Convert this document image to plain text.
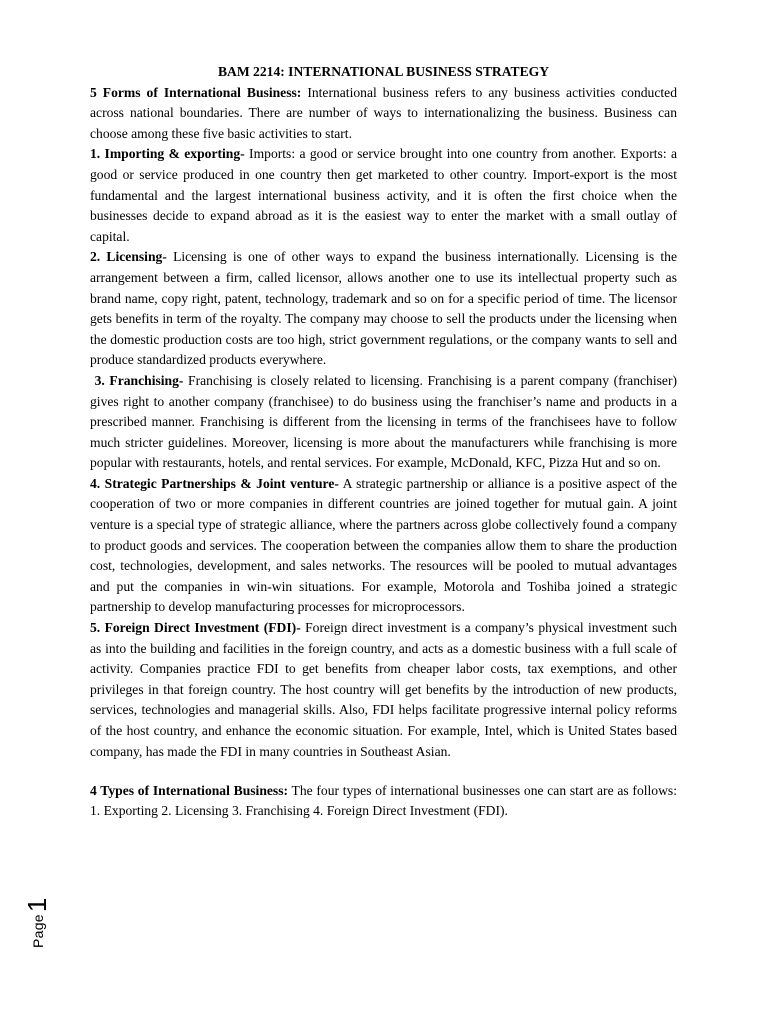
BAM 2214: INTERNATIONAL BUSINESS STRATEGY

5 Forms of International Business: International business refers to any business activities conducted across national boundaries. There are number of ways to internationalizing the business. Business can choose among these five basic activities to start.

1. Importing & exporting- Imports: a good or service brought into one country from another. Exports: a good or service produced in one country then get marketed to other country. Import-export is the most fundamental and the largest international business activity, and it is often the first choice when the businesses decide to expand abroad as it is the easiest way to enter the market with a small outlay of capital.

2. Licensing- Licensing is one of other ways to expand the business internationally. Licensing is the arrangement between a firm, called licensor, allows another one to use its intellectual property such as brand name, copy right, patent, technology, trademark and so on for a specific period of time. The licensor gets benefits in term of the royalty. The company may choose to sell the products under the licensing when the domestic production costs are too high, strict government regulations, or the company wants to sell and produce standardized products everywhere.

3. Franchising- Franchising is closely related to licensing. Franchising is a parent company (franchiser) gives right to another company (franchisee) to do business using the franchiser’s name and products in a prescribed manner. Franchising is different from the licensing in terms of the franchisees have to follow much stricter guidelines. Moreover, licensing is more about the manufacturers while franchising is more popular with restaurants, hotels, and rental services. For example, McDonald, KFC, Pizza Hut and so on.

4. Strategic Partnerships & Joint venture- A strategic partnership or alliance is a positive aspect of the cooperation of two or more companies in different countries are joined together for mutual gain. A joint venture is a special type of strategic alliance, where the partners across globe collectively found a company to product goods and services. The cooperation between the companies allow them to share the production cost, technologies, development, and sales networks. The resources will be pooled to mutual advantages and put the companies in win-win situations. For example, Motorola and Toshiba joined a strategic partnership to develop manufacturing processes for microprocessors.

5. Foreign Direct Investment (FDI)- Foreign direct investment is a company’s physical investment such as into the building and facilities in the foreign country, and acts as a domestic business with a full scale of activity. Companies practice FDI to get benefits from cheaper labor costs, tax exemptions, and other privileges in that foreign country. The host country will get benefits by the introduction of new products, services, technologies and managerial skills. Also, FDI helps facilitate progressive internal policy reforms of the host country, and enhance the economic situation. For example, Intel, which is United States based company, has made the FDI in many countries in Southeast Asian.

4 Types of International Business: The four types of international businesses one can start are as follows: 1. Exporting 2. Licensing 3. Franchising 4. Foreign Direct Investment (FDI).

Page1
